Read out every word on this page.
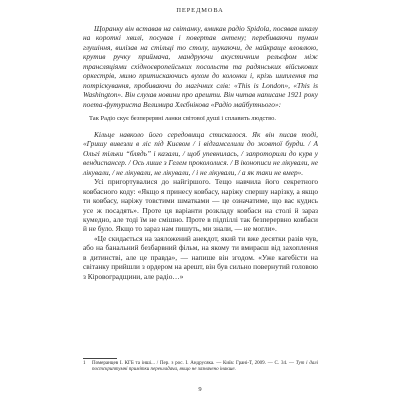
ПЕРЕДМОВА

Щоранку він вставав на світанку, вмикав радіо Spidola, посявав шкалу на короткі хвилі, посував і повертав антену; перебиваючи туман глушіння, вилізав на стільці то столу, шукаючи, де найкраще вловлюю, крутив ручку приймача, мандруючи акустичним рельєфом між трансляціями східноєвропейських посольств та радянських військових оркестрів, мимо притискаючись вухом до колонки і, крізь шиплення та потріскування, пробиваючи до магічних слів: «This is London», «This is Washington». Він слухав новини про арешти. Він читав написане 1921 року поета-футуриста Велимира Хлєбнікова «Радіо майбутнього»:

Так Радіо скує безперервні ланки світової душі і сплавить людство.

Кільце навколо його середовища стискалося. Як він писав тоді, «Гришу вивезли в ліс під Києвом / і відгамселили до жовтої бурди. / А Ольгі тільки “блядь” і казали, / щоб упевнилась, / запроторили до курв у вендиспансер. / Ось лише з Гелем прокололися. / В іконописи не лікували, не лікували, / не лікували, не лікували, / і не лікували, / а як таки не вмер».

Усі пригортувалися до найгіршого. Тещо навчила його секретного ковбасного коду: «Якщо я принесу ковбасу, наріжу спершу нарізку, а якщо ти ковбасу, наріжу товстими шматками — це означатиме, що вас кудись усе ж посадять». Проте ця варіанти розкладу ковбаси на столі й зараз кумедно, але тоді їм не смішно. Проте в підпіллі так безперервно ковбаси й не було. Якщо то зараз нам пишуть, ми знали, — не могли».

«Це скидається на заяложений анекдот, який ти вже десятки разів чув, або на банальний безбарвний фільм, на якому ти вмираєш від захоплення в дитинстві, але це правда», — напише він згодом. «Уже кагебісти на світанку прийшли з ордером на арешт, він був сильно повернутий головою з Кіровоградщини, але радіо…»

1 Померанцев І. КГБ та інші... / Пер. з рос. І. Андрусяка. — Київ: Грані-Т, 2009. — С. 34. — Тут і далі постскриптумні примітки перекладача, якщо не зазначено інакше.
9
